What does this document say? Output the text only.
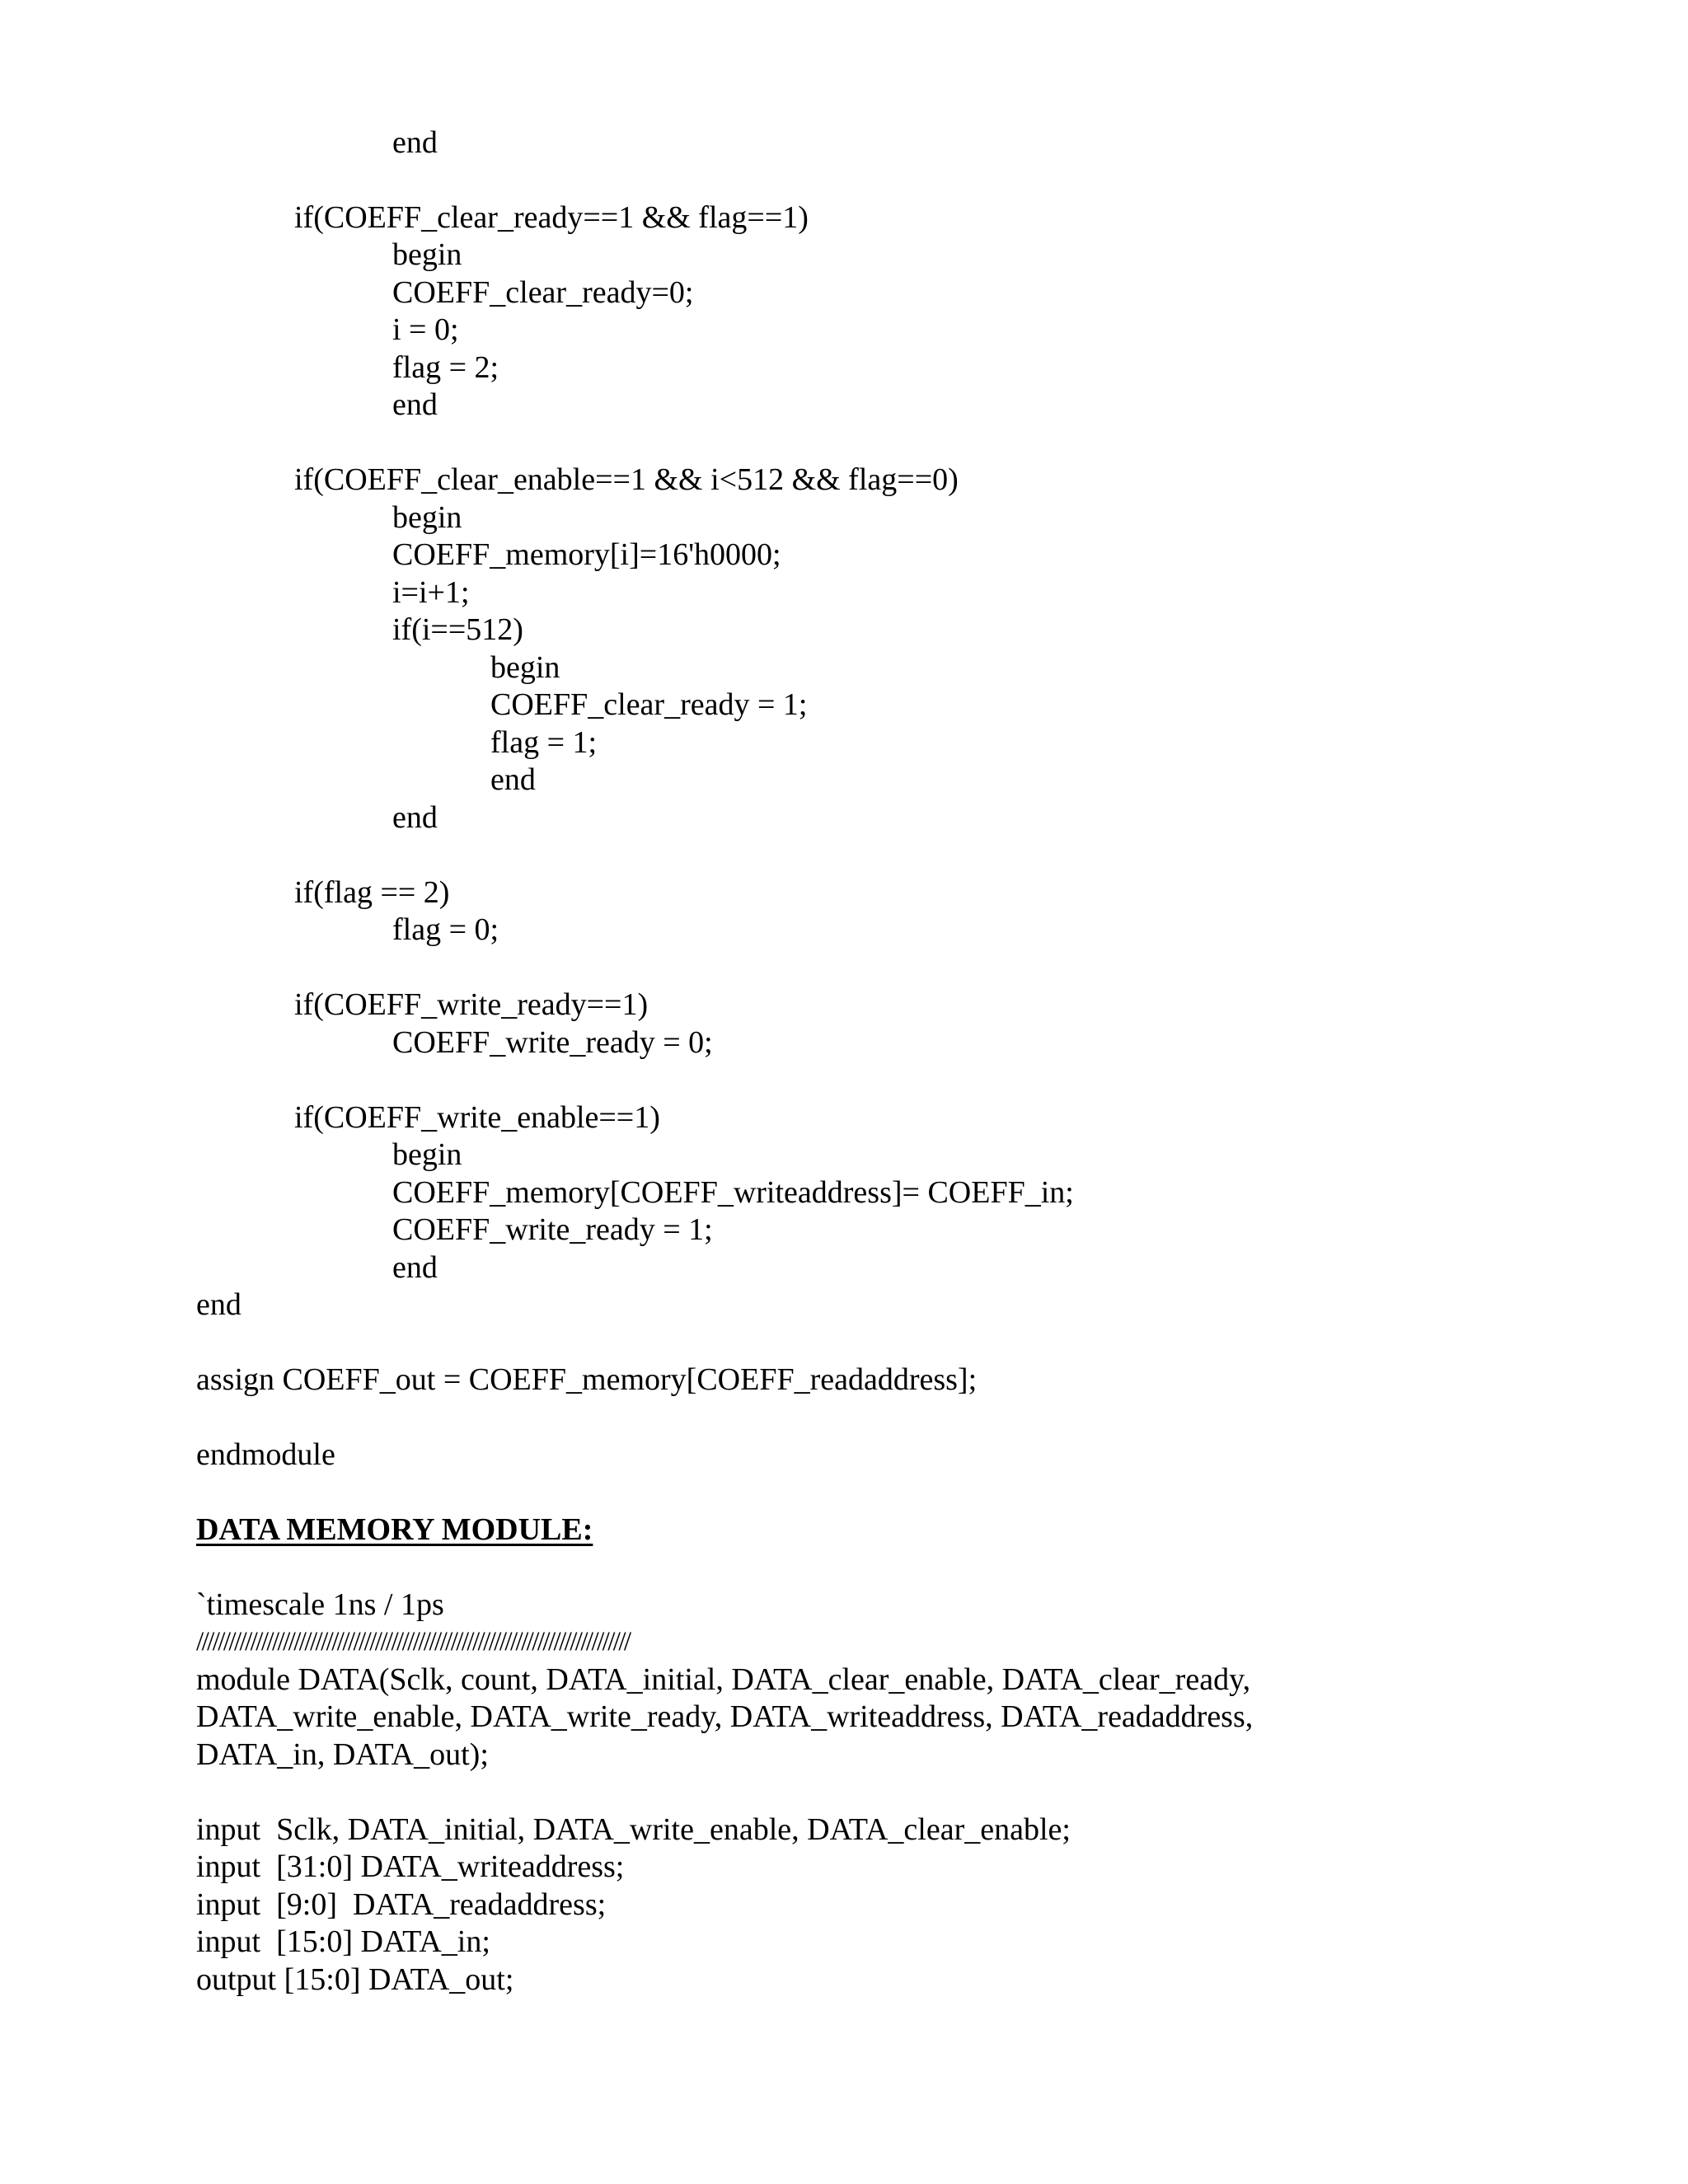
end

if(COEFF_clear_ready==1 && flag==1)

begin

COEFF_clear_ready=0;

i = 0;

flag = 2;

end

if(COEFF_clear_enable==1 && i<512 && flag==0)

begin

COEFF_memory[i]=16'h0000;

i=i+1;

if(i==512)

begin

COEFF_clear_ready = 1;

flag = 1;

end

end

if(flag == 2)

flag = 0;

if(COEFF_write_ready==1)

COEFF_write_ready = 0;

if(COEFF_write_enable==1)

begin

COEFF_memory[COEFF_writeaddress]= COEFF_in;

COEFF_write_ready = 1;

end

end

assign COEFF_out = COEFF_memory[COEFF_readaddress];

endmodule

DATA MEMORY MODULE:

`timescale 1ns / 1ps

////////////////////////////////////////////////////////////////////////////////

module DATA(Sclk, count, DATA_initial, DATA_clear_enable, DATA_clear_ready,

DATA_write_enable, DATA_write_ready, DATA_writeaddress, DATA_readaddress,

DATA_in, DATA_out);

input  Sclk, DATA_initial, DATA_write_enable, DATA_clear_enable;

input  [31:0] DATA_writeaddress;

input  [9:0]  DATA_readaddress;

input  [15:0] DATA_in;

output [15:0] DATA_out;
